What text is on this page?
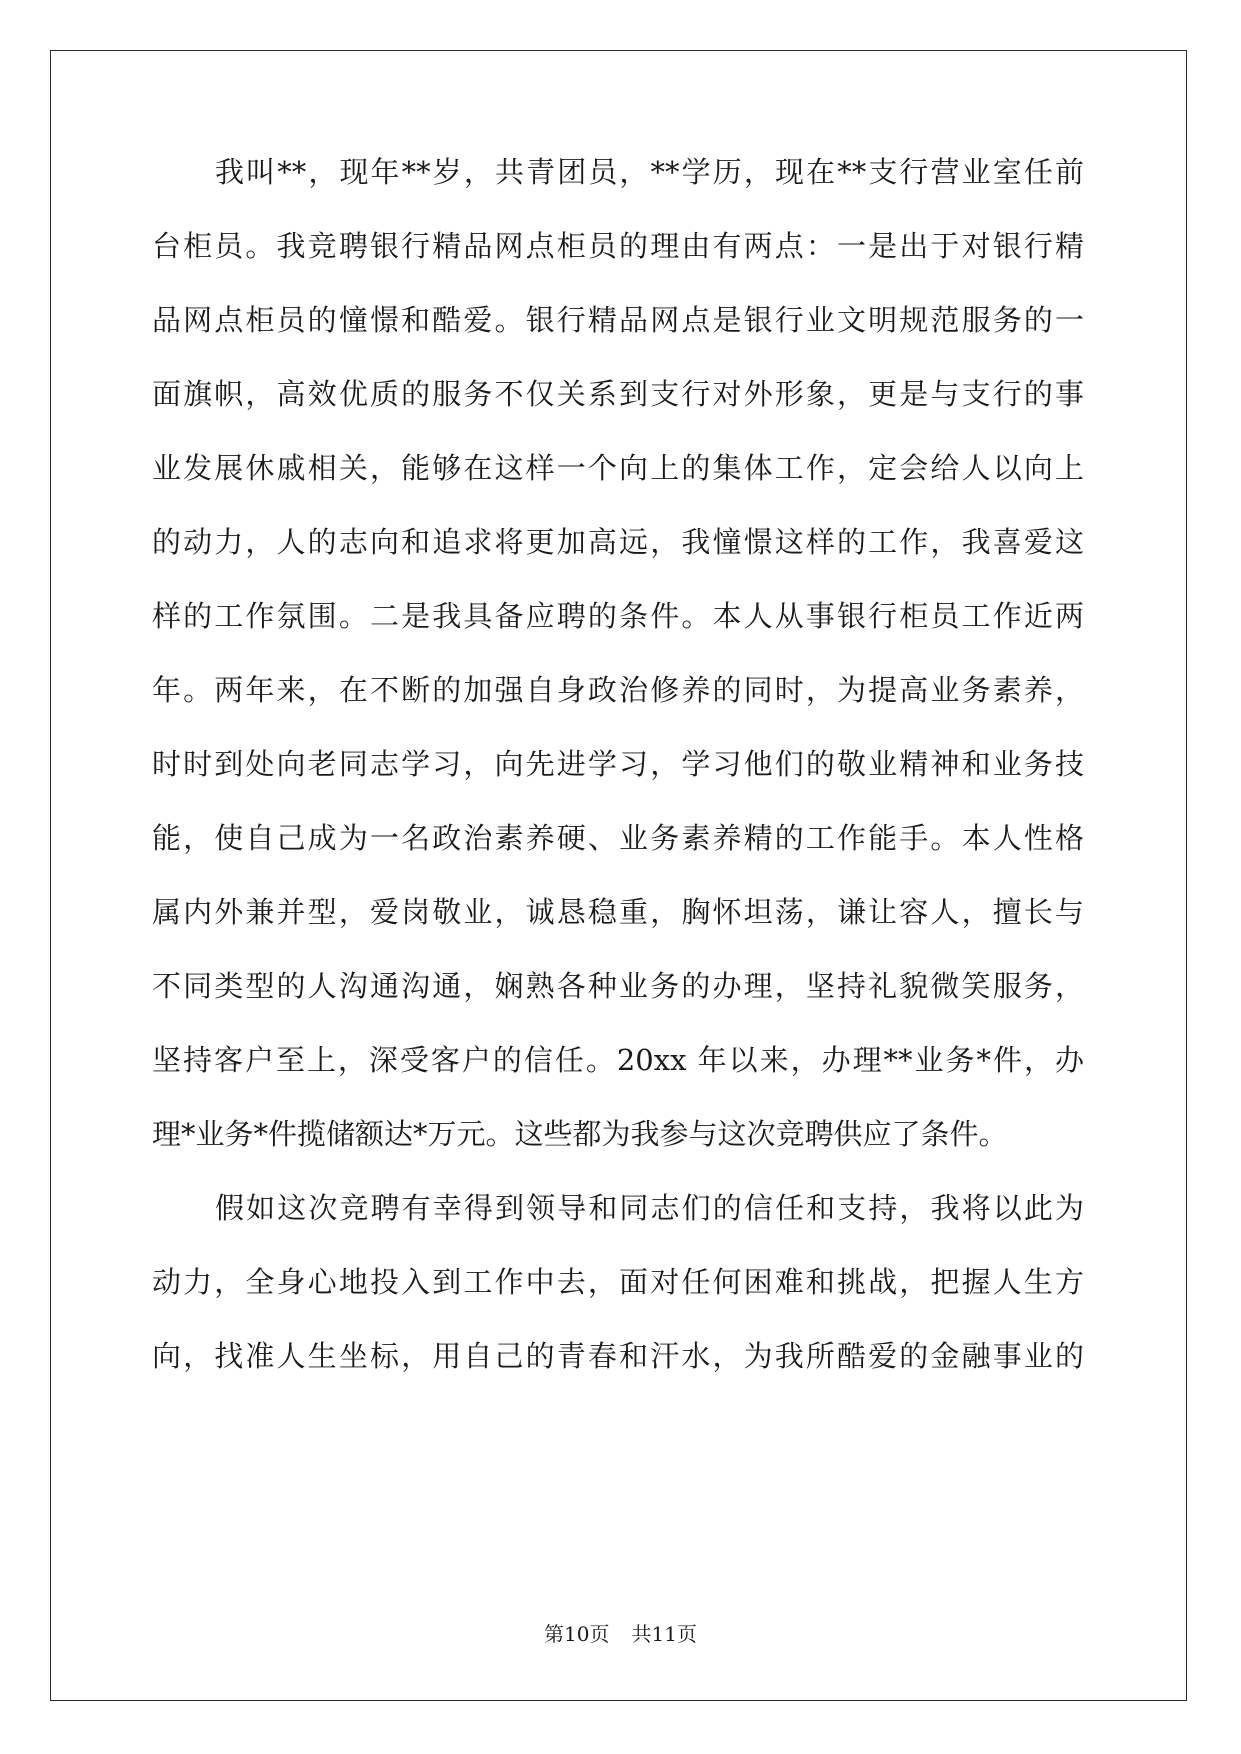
我叫**，现年**岁，共青团员，**学历，现在**支行营业室任前
台柜员。我竞聘银行精品网点柜员的理由有两点：一是出于对银行精
品网点柜员的憧憬和酷爱。银行精品网点是银行业文明规范服务的一
面旗帜，高效优质的服务不仅关系到支行对外形象，更是与支行的事
业发展休戚相关，能够在这样一个向上的集体工作，定会给人以向上
的动力，人的志向和追求将更加高远，我憧憬这样的工作，我喜爱这
样的工作氛围。二是我具备应聘的条件。本人从事银行柜员工作近两
年。两年来，在不断的加强自身政治修养的同时，为提高业务素养，
时时到处向老同志学习，向先进学习，学习他们的敬业精神和业务技
能，使自己成为一名政治素养硬、业务素养精的工作能手。本人性格
属内外兼并型，爱岗敬业，诚恳稳重，胸怀坦荡，谦让容人，擅长与
不同类型的人沟通沟通，娴熟各种业务的办理，坚持礼貌微笑服务，
坚持客户至上，深受客户的信任。20xx 年以来，办理**业务*件，办
理*业务*件揽储额达*万元。这些都为我参与这次竞聘供应了条件。
假如这次竞聘有幸得到领导和同志们的信任和支持，我将以此为
动力，全身心地投入到工作中去，面对任何困难和挑战，把握人生方
向，找准人生坐标，用自己的青春和汗水，为我所酷爱的金融事业的
第10页 共11页
